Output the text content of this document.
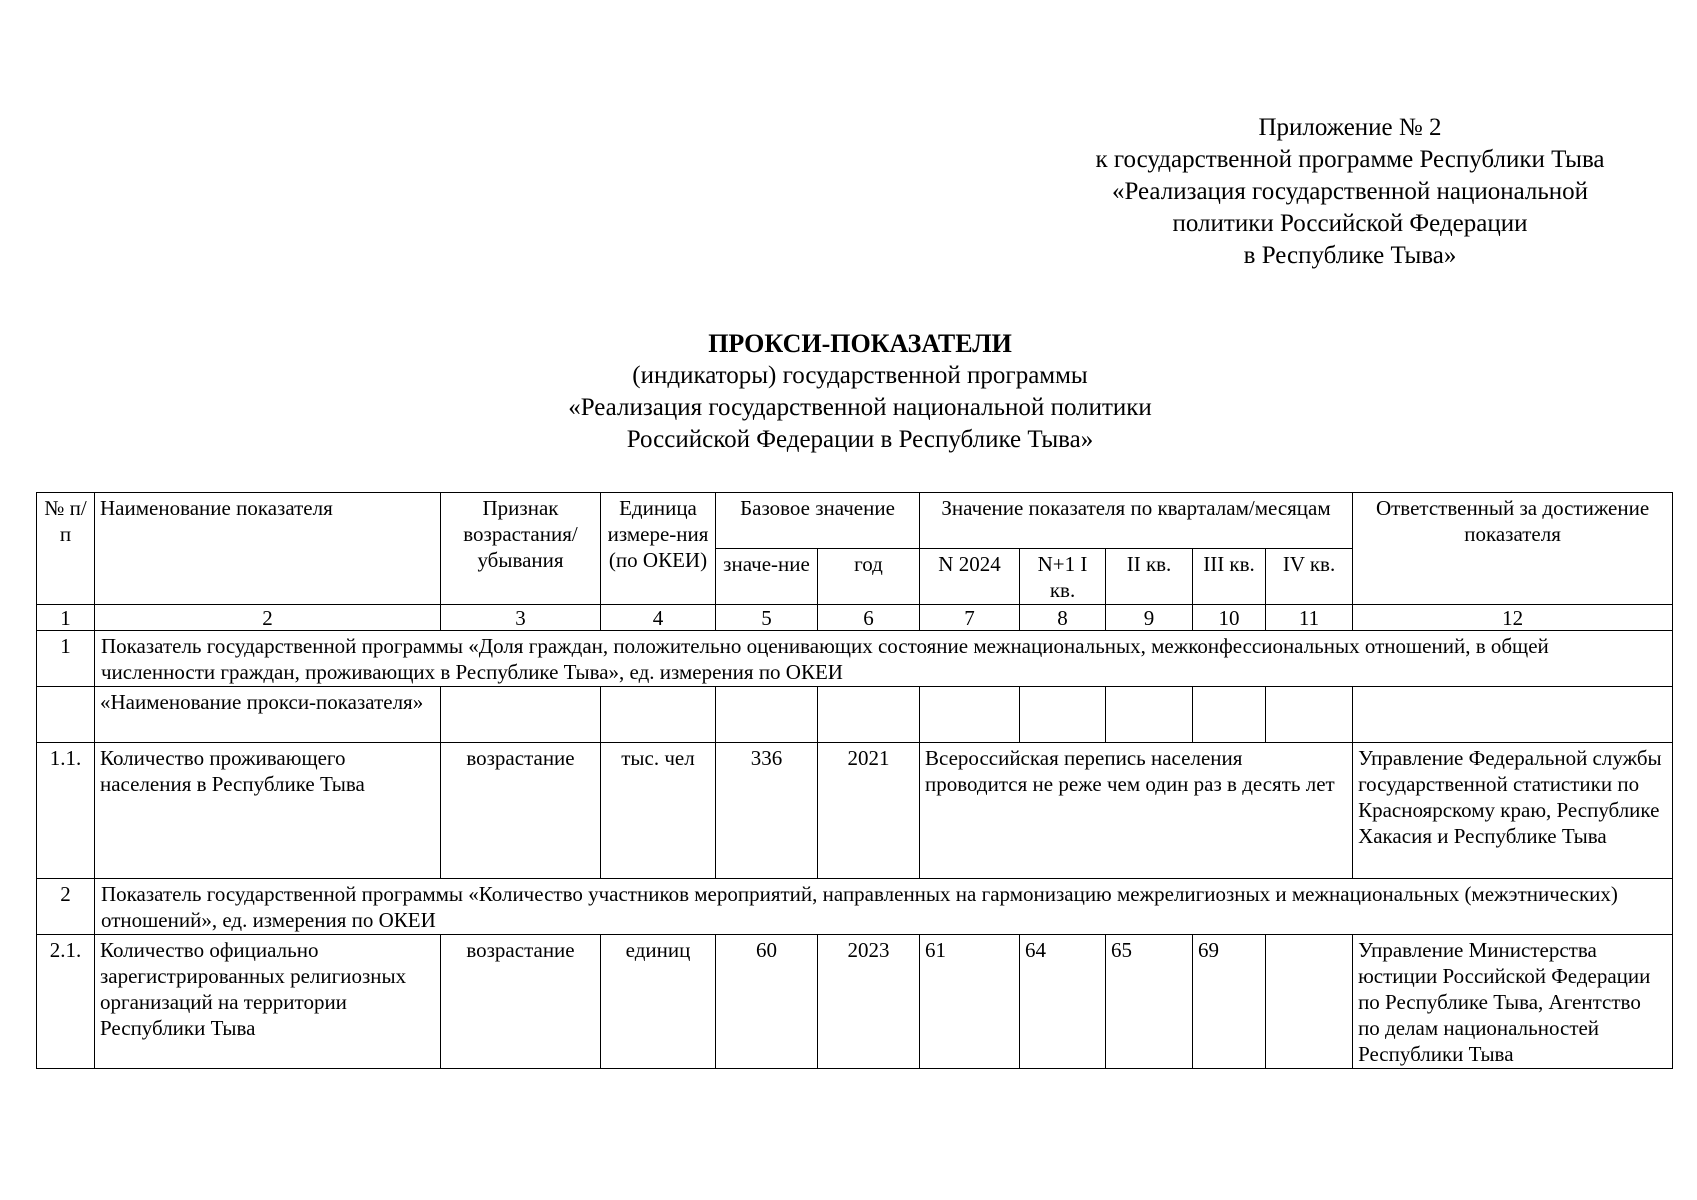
Приложение № 2
к государственной программе Республики Тыва
«Реализация государственной национальной
политики Российской Федерации
в Республике Тыва»
ПРОКСИ-ПОКАЗАТЕЛИ
(индикаторы) государственной программы
«Реализация государственной национальной политики
Российской Федерации в Республике Тыва»
№ п/п	Наименование показателя	Признак возрастания/ убывания	Единица измере-ния (по ОКЕИ)	Базовое значение		Значение показателя по кварталам/месяцам					Ответственный за достижение показателя
				значе-ние	год	N 2024	N+1 I кв.	II кв.	III кв.	IV кв.	
1	2	3	4	5	6	7	8	9	10	11	12
1	Показатель государственной программы «Доля граждан, положительно оценивающих состояние межнациональных, межконфессиональных отношений, в общей численности граждан, проживающих в Республике Тыва», ед. измерения по ОКЕИ										
	«Наименование прокси-показателя»										
1.1.	Количество проживающего населения в Республике Тыва	возрастание	тыс. чел	336	2021	Всероссийская перепись населения проводится не реже чем один раз в десять лет					Управление Федеральной службы государственной статистики по Красноярскому краю, Республике Хакасия и Республике Тыва
2	Показатель государственной программы «Количество участников мероприятий, направленных на гармонизацию межрелигиозных и межнациональных (межэтнических) отношений», ед. измерения по ОКЕИ										
2.1.	Количество официально зарегистрированных религиозных организаций на территории Республики Тыва	возрастание	единиц	60	2023	61	64	65	69		Управление Министерства юстиции Российской Федерации по Республике Тыва, Агентство по делам национальностей Республики Тыва
